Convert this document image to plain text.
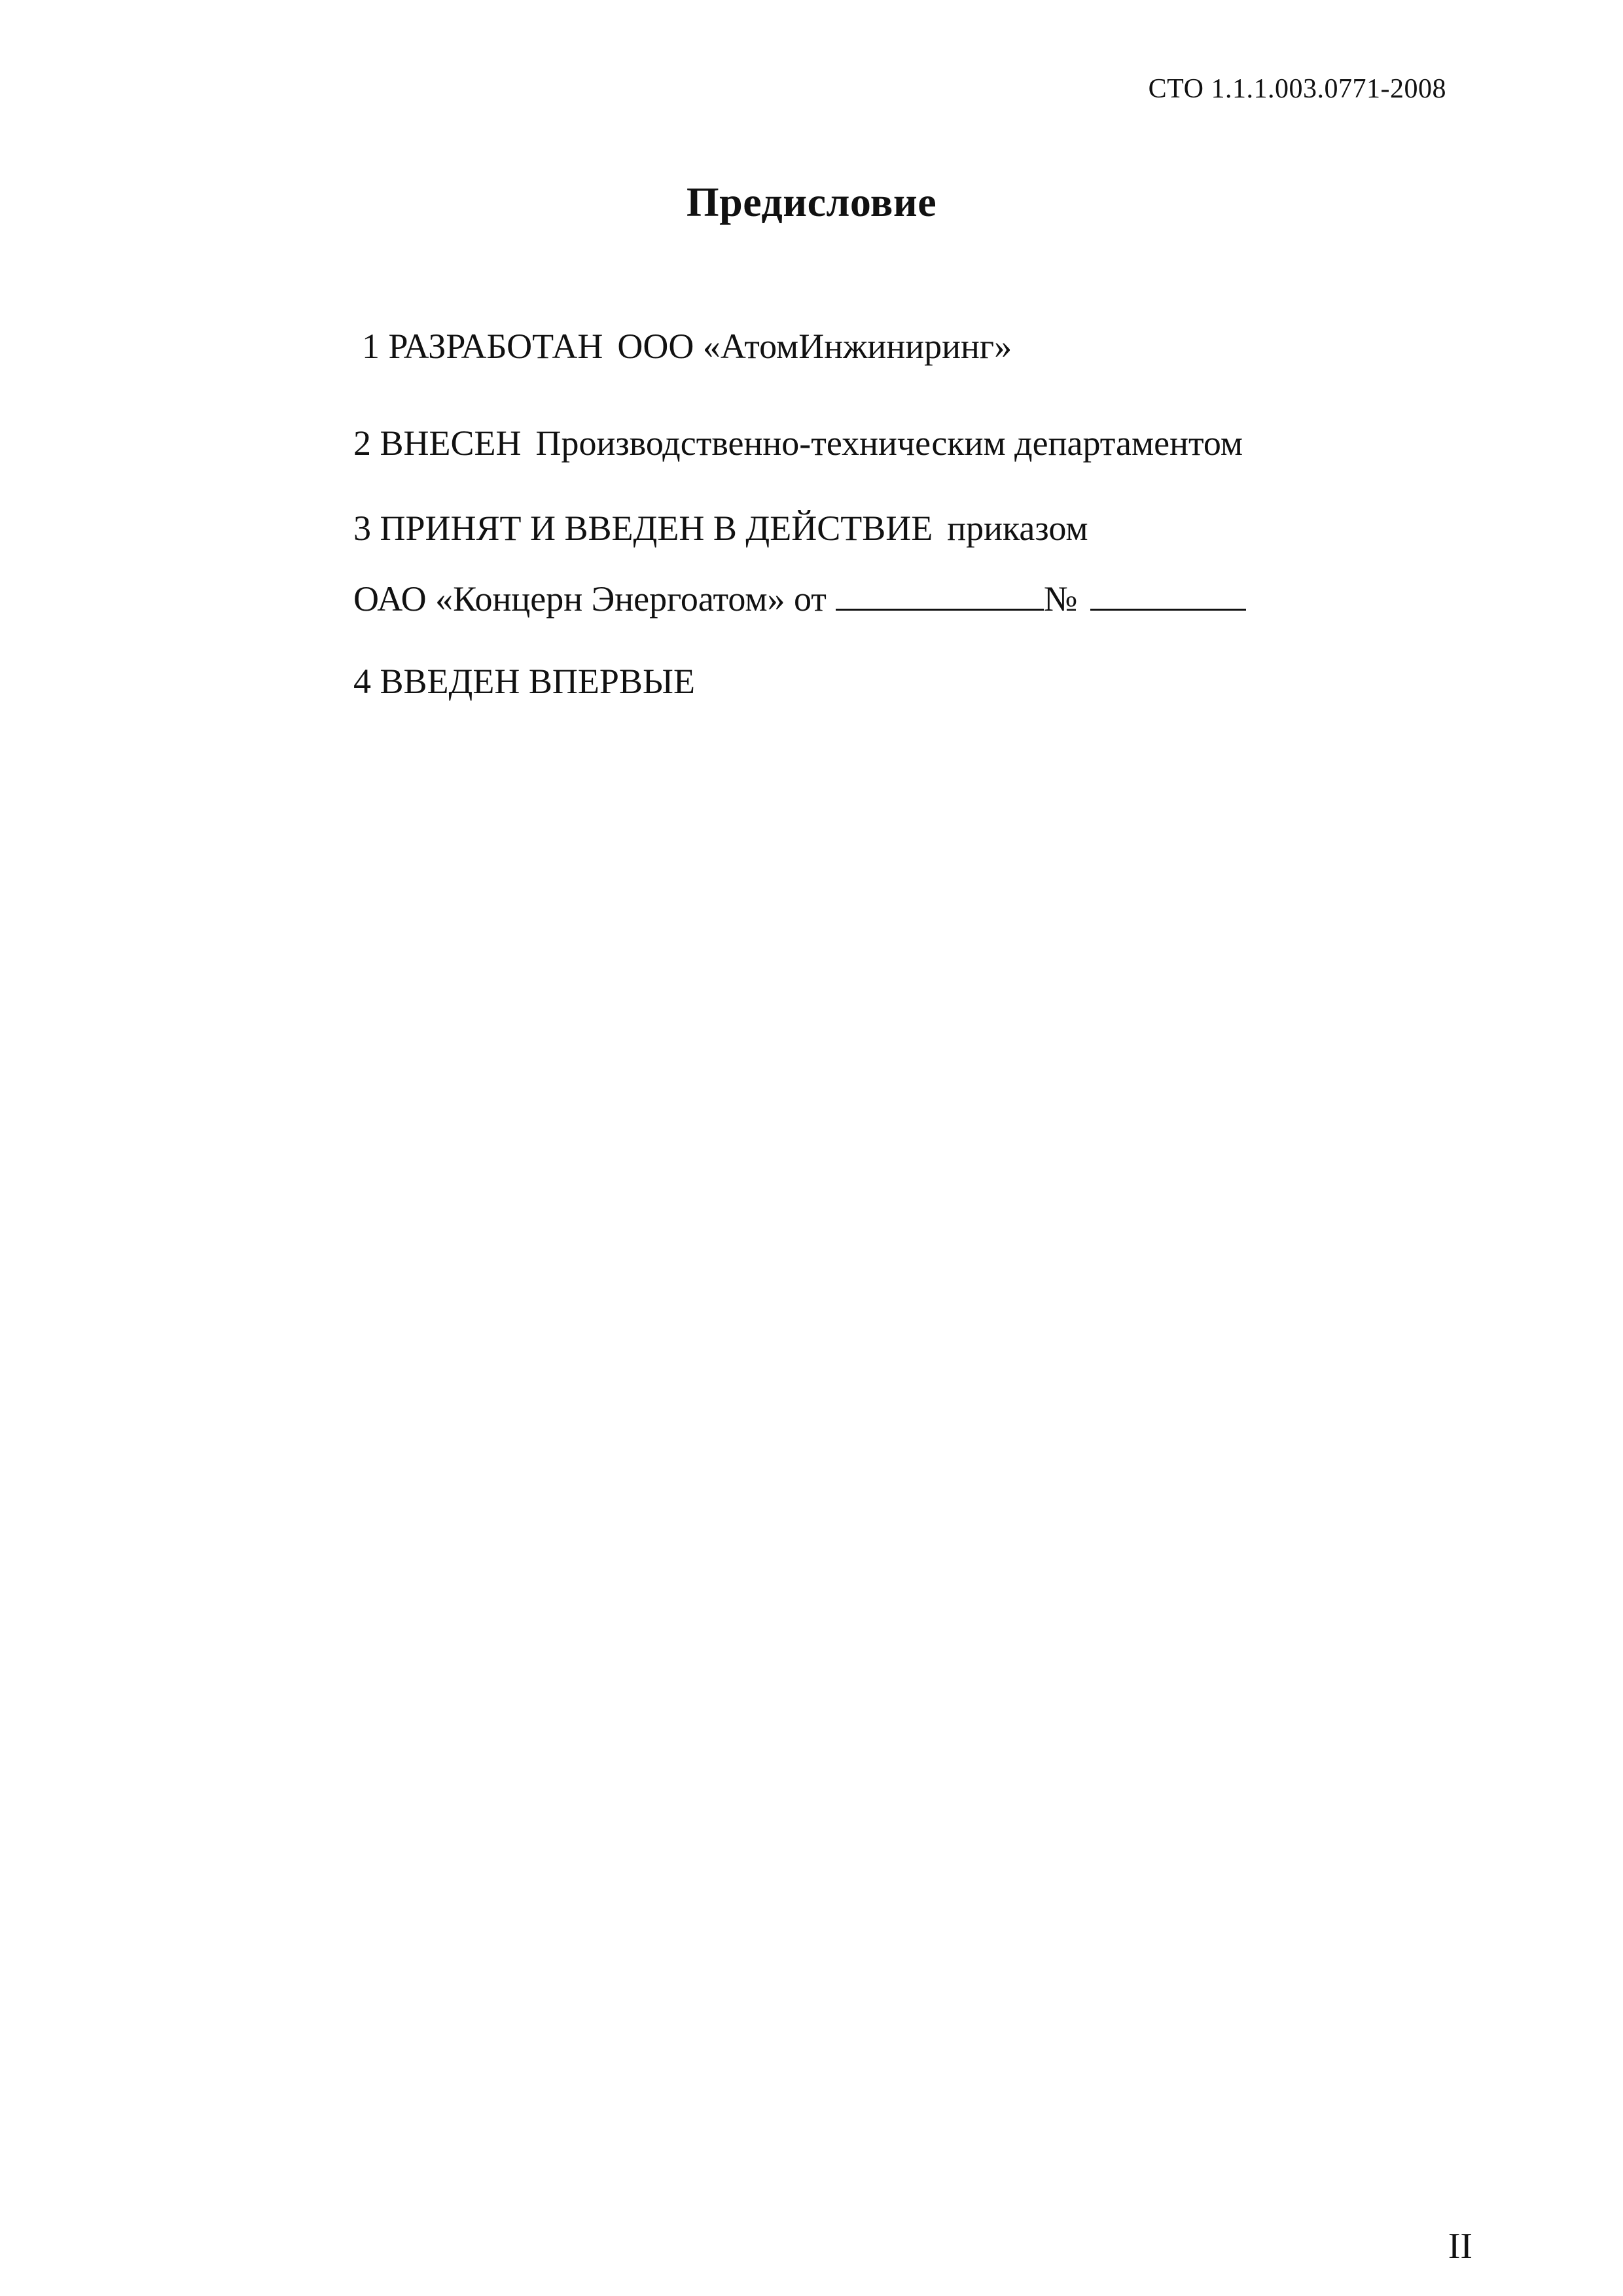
СТО 1.1.1.003.0771-2008
Предисловие
1 РАЗРАБОТАН ООО «АтомИнжиниринг»
2 ВНЕСЕН Производственно-техническим департаментом
3 ПРИНЯТ И ВВЕДЕН В ДЕЙСТВИЕ приказом
ОАО «Концерн Энергоатом» от	№
4 ВВЕДЕН ВПЕРВЫЕ
II
